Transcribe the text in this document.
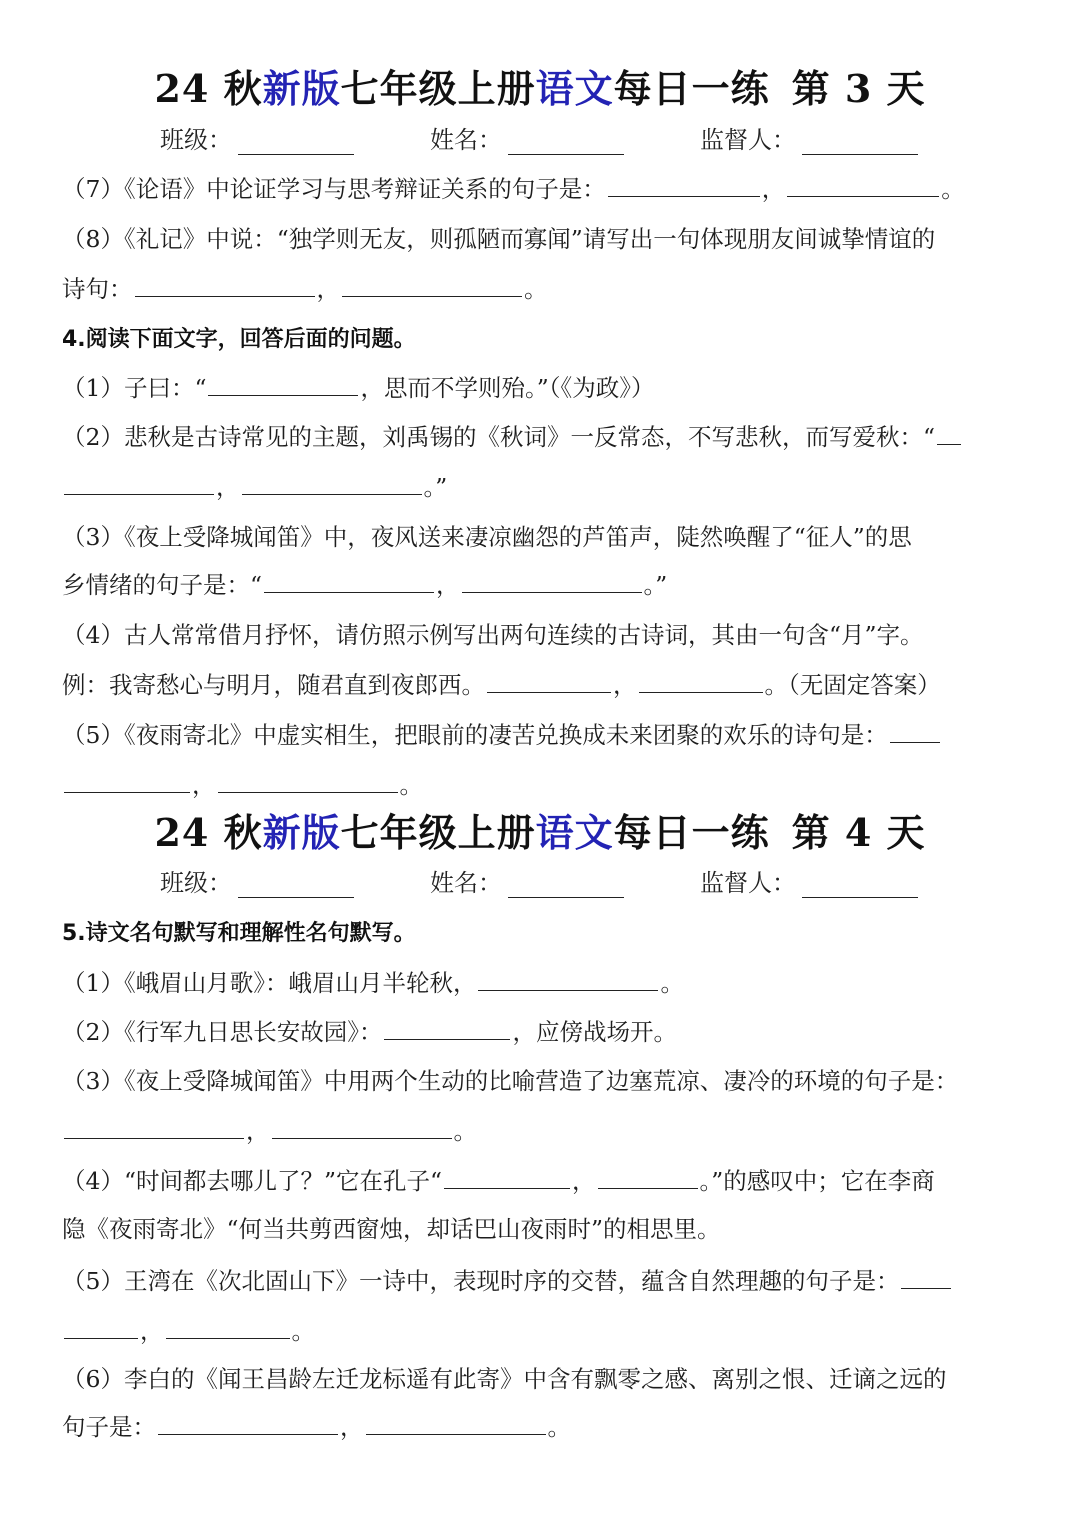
24 秋新版七年级上册语文每日一练 第 3 天
班级：	姓名：	监督人：
（7）《论语》中论证学习与思考辩证关系的句子是：	，	。
（8）《礼记》中说：“独学则无友，则孤陋而寡闻”请写出一句体现朋友间诚挚情谊的
诗句：	，	。
4.阅读下面文字，回答后面的问题。
（1）子曰：“	，思而不学则殆。”（《为政》）
（2）悲秋是古诗常见的主题，刘禹锡的《秋词》一反常态，不写悲秋，而写爱秋：“
，	。”
（3）《夜上受降城闻笛》中，夜风送来凄凉幽怨的芦笛声，陡然唤醒了“征人”的思
乡情绪的句子是：“	，	。”
（4）古人常常借月抒怀，请仿照示例写出两句连续的古诗词，其由一句含“月”字。
例：我寄愁心与明月，随君直到夜郎西。	，	。（无固定答案）
（5）《夜雨寄北》中虚实相生，把眼前的凄苦兑换成未来团聚的欢乐的诗句是：
，	。
24 秋新版七年级上册语文每日一练 第 4 天
班级：	姓名：	监督人：
5.诗文名句默写和理解性名句默写。
（1）《峨眉山月歌》：峨眉山月半轮秋，	。
（2）《行军九日思长安故园》：	，应傍战场开。
（3）《夜上受降城闻笛》中用两个生动的比喻营造了边塞荒凉、凄冷的环境的句子是：
，	。
（4）“时间都去哪儿了？”它在孔子“	，	。”的感叹中；它在李商
隐《夜雨寄北》“何当共剪西窗烛，却话巴山夜雨时”的相思里。
（5）王湾在《次北固山下》一诗中，表现时序的交替，蕴含自然理趣的句子是：
，	。
（6）李白的《闻王昌龄左迁龙标遥有此寄》中含有飘零之感、离别之恨、迁谪之远的
句子是：	，	。
